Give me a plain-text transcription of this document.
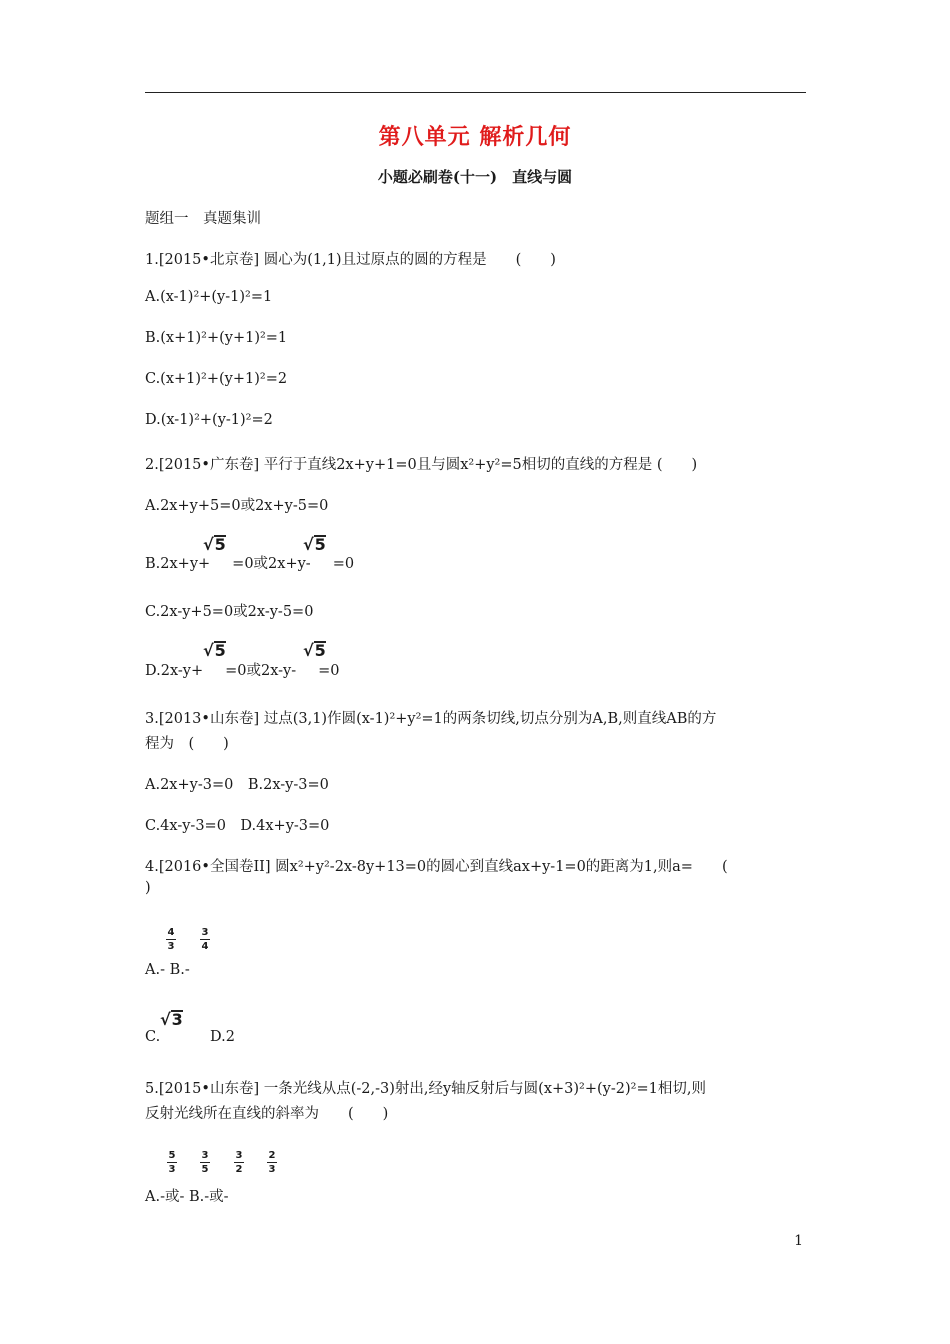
第八单元 解析几何
小题必刷卷(十一)　直线与圆
题组一　真题集训
1.[2015•北京卷] 圆心为(1,1)且过原点的圆的方程是　　(　　)
A.(x-1)²+(y-1)²=1
B.(x+1)²+(y+1)²=1
C.(x+1)²+(y+1)²=2
D.(x-1)²+(y-1)²=2
2.[2015•广东卷] 平行于直线2x+y+1=0且与圆x²+y²=5相切的直线的方程是 (　　)
A.2x+y+5=0或2x+y-5=0
B.2x+y+ =0或2x+y- =0
√5	√5
C.2x-y+5=0或2x-y-5=0
D.2x-y+ =0或2x-y- =0
√5	√5
3.[2013•山东卷] 过点(3,1)作圆(x-1)²+y²=1的两条切线,切点分别为A,B,则直线AB的方
程为　(　　)
A.2x+y-3=0　B.2x-y-3=0
C.4x-y-3=0　D.4x+y-3=0
4.[2016•全国卷II] 圆x²+y²-2x-8y+13=0的圆心到直线ax+y-1=0的距离为1,则a=　　(
)
4
3
3
4
A.- B.-
√3
C.	D.2
5.[2015•山东卷] 一条光线从点(-2,-3)射出,经y轴反射后与圆(x+3)²+(y-2)²=1相切,则
反射光线所在直线的斜率为　　(　　)
5
3
3
5
3
2
2
3
A.-或- B.-或-
1
